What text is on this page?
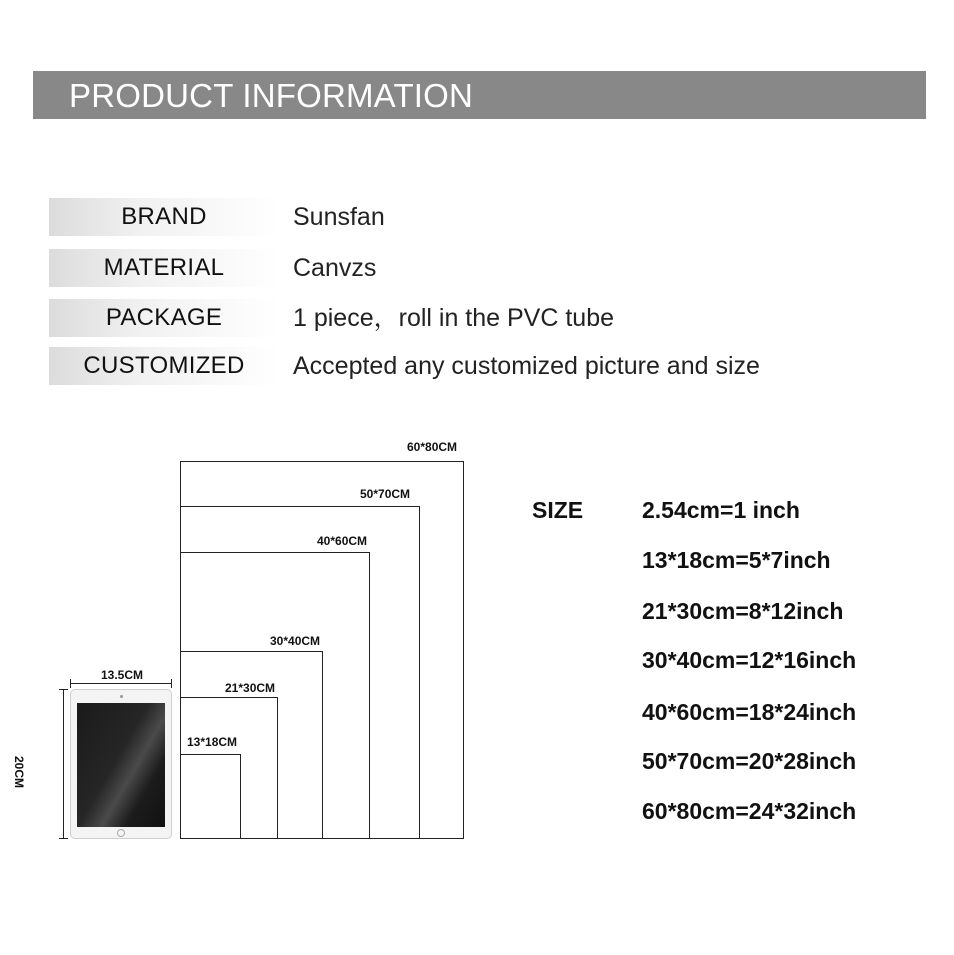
PRODUCT INFORMATION
BRAND	Sunsfan
MATERIAL	Canvzs
PACKAGE	1 piece，roll in the PVC tube
CUSTOMIZED	Accepted any customized picture and size
60*80CM
50*70CM
40*60CM
30*40CM
21*30CM
13*18CM
13.5CM
20CM
SIZE	2.54cm=1 inch
13*18cm=5*7inch
21*30cm=8*12inch
30*40cm=12*16inch
40*60cm=18*24inch
50*70cm=20*28inch
60*80cm=24*32inch
